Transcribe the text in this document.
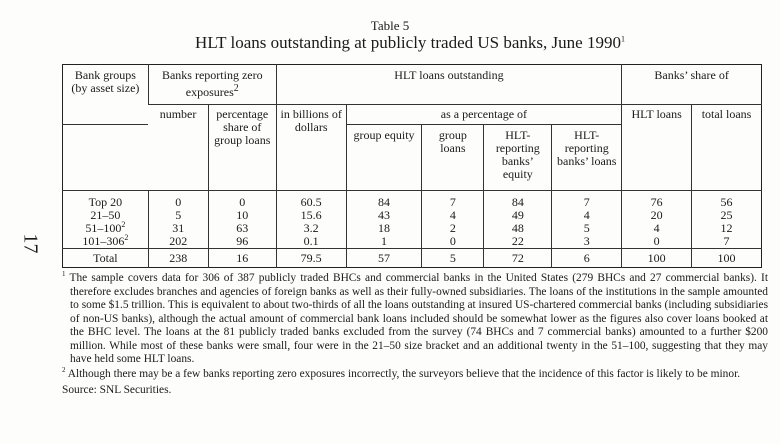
17
Table 5
HLT loans outstanding at publicly traded US banks, June 1990$^1$
Bank groups (by asset size)	Banks reporting zero exposures$^2$		HLT loans outstanding					Banks’ share of	
	number	percentage share of group loans	in billions of dollars	as a percentage of				HLT loans	total loans
				group equity	group loans	HLT-reporting banks’ equity	HLT-reporting banks’ loans		
Top 20	0	0	60.5	84	7	84	7	76	56
21–50	5	10	15.6	43	4	49	4	20	25
$51-100^2$	31	63	3.2	18	2	48	5	4	12
$101-306^2$	202	96	0.1	1	0	22	3	0	7
Total	238	16	79.5	57	5	72	6	100	100

$^1$ The sample covers data for 306 of 387 publicly traded BHCs and commercial banks in the United States (279 BHCs and 27 commercial banks). It therefore excludes branches and agencies of foreign banks as well as their fully-owned subsidiaries. The loans of the institutions in the sample amounted to some $1.5 trillion. This is equivalent to about two-thirds of all the loans outstanding at insured US-chartered commercial banks (including subsidiaries of non-US banks), although the actual amount of commercial bank loans included should be somewhat lower as the figures also cover loans booked at the BHC level. The loans at the 81 publicly traded banks excluded from the survey (74 BHCs and 7 commercial banks) amounted to a further $200 million. While most of these banks were small, four were in the 21–50 size bracket and an additional twenty in the 51–100, suggesting that they may have held some HLT loans.

$^2$ Although there may be a few banks reporting zero exposures incorrectly, the surveyors believe that the incidence of this factor is likely to be minor.

Source: SNL Securities.
